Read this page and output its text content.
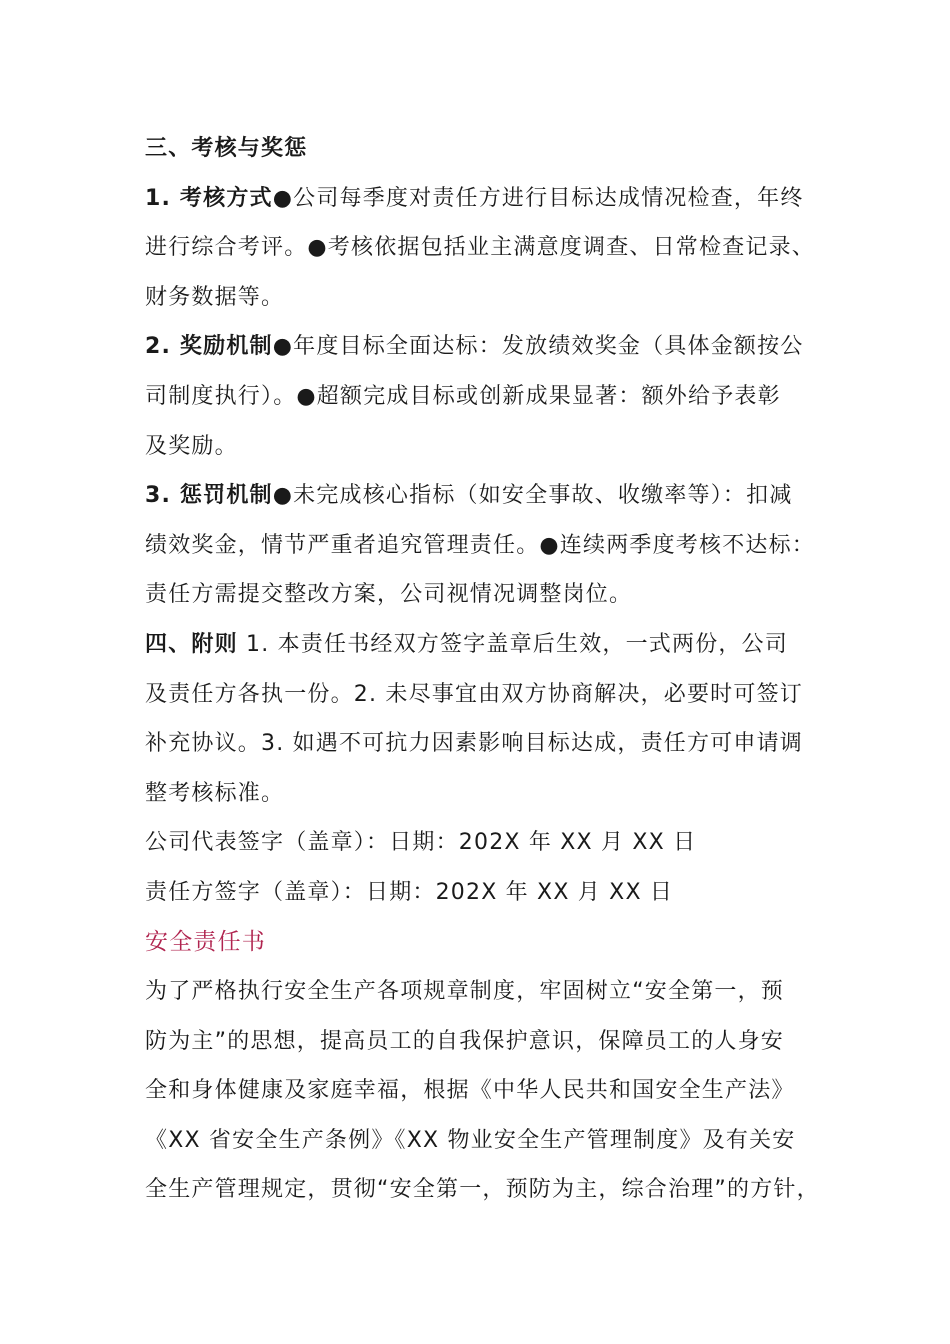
三、考核与奖惩
1. 考核方式●公司每季度对责任方进行目标达成情况检查，年终
进行综合考评。●考核依据包括业主满意度调查、日常检查记录、
财务数据等。
2. 奖励机制●年度目标全面达标：发放绩效奖金（具体金额按公
司制度执行）。●超额完成目标或创新成果显著：额外给予表彰
及奖励。
3. 惩罚机制●未完成核心指标（如安全事故、收缴率等）：扣减
绩效奖金，情节严重者追究管理责任。●连续两季度考核不达标：
责任方需提交整改方案，公司视情况调整岗位。
四、附则 1. 本责任书经双方签字盖章后生效，一式两份，公司
及责任方各执一份。2. 未尽事宜由双方协商解决，必要时可签订
补充协议。3. 如遇不可抗力因素影响目标达成，责任方可申请调
整考核标准。
公司代表签字（盖章）：日期：202X 年 XX 月 XX 日
责任方签字（盖章）：日期：202X 年 XX 月 XX 日
安全责任书
为了严格执行安全生产各项规章制度，牢固树立“安全第一，预
防为主”的思想，提高员工的自我保护意识，保障员工的人身安
全和身体健康及家庭幸福，根据《中华人民共和国安全生产法》
《XX 省安全生产条例》《XX 物业安全生产管理制度》及有关安
全生产管理规定，贯彻“安全第一，预防为主，综合治理”的方针，
